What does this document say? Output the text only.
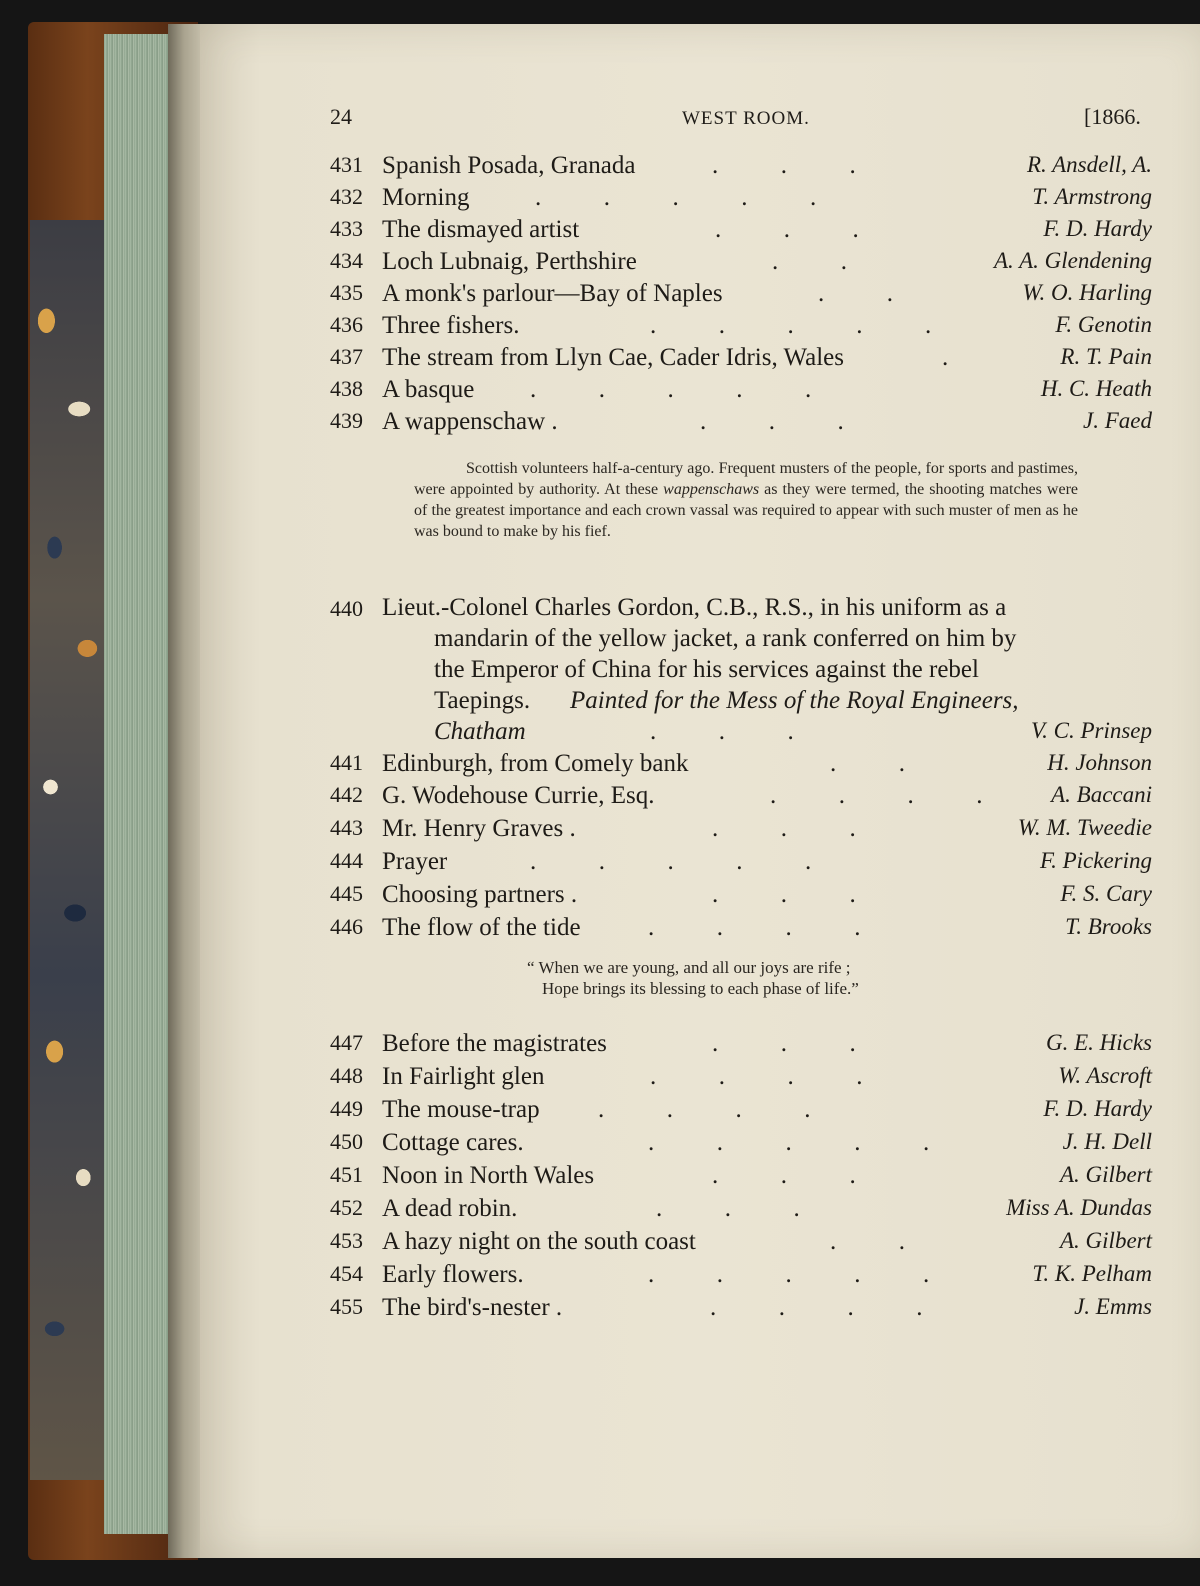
24	WEST ROOM.	[1866.
431 Spanish Posada, Granada	.          .          .	R. Ansdell, A.
432 Morning	.          .          .          .          .	T. Armstrong
433 The dismayed artist	.          .          .	F. D. Hardy
434 Loch Lubnaig, Perthshire	.          .	A. A. Glendening
435 A monk's parlour—Bay of Naples	.          .	W. O. Harling
436 Three fishers.	.          .          .          .          .	F. Genotin
437 The stream from Llyn Cae, Cader Idris, Wales	.	R. T. Pain
438 A basque .          .          .          .          .	H. C. Heath
439 A wappenschaw .	.          .          .	J. Faed
Scottish volunteers half-a-century ago. Frequent musters of the people, for sports and pastimes, were appointed by authority. At these wappenschaws as they were termed, the shooting matches were of the greatest importance and each crown vassal was required to appear with such muster of men as he was bound to make by his fief.
440 Lieut.-Colonel Charles Gordon, C.B., R.S., in his uniform as a
mandarin of the yellow jacket, a rank conferred on him by
the Emperor of China for his services against the rebel
Taepings. Painted for the Mess of the Royal Engineers,
Chatham	.          .          .	V. C. Prinsep
441 Edinburgh, from Comely bank	.          .	H. Johnson
442 G. Wodehouse Currie, Esq.	.          .          .          .	A. Baccani
443 Mr. Henry Graves .	.          .          .	W. M. Tweedie
444 Prayer	.          .          .          .          .	F. Pickering
445 Choosing partners .	.          .          .	F. S. Cary
446 The flow of the tide	.          .          .          .	T. Brooks
“ When we are young, and all our joys are rife ;
Hope brings its blessing to each phase of life.”
447 Before the magistrates	.          .          .	G. E. Hicks
448 In Fairlight glen	.          .          .          .	W. Ascroft
449 The mouse-trap .          .          .          .	F. D. Hardy
450 Cottage cares.	.          .          .          .          .	J. H. Dell
451 Noon in North Wales	.          .          .	A. Gilbert
452 A dead robin.	.          .          .	Miss A. Dundas
453 A hazy night on the south coast	.          .	A. Gilbert
454 Early flowers.	.          .          .          .          .	T. K. Pelham
455 The bird's-nester .	.          .          .          .	J. Emms
